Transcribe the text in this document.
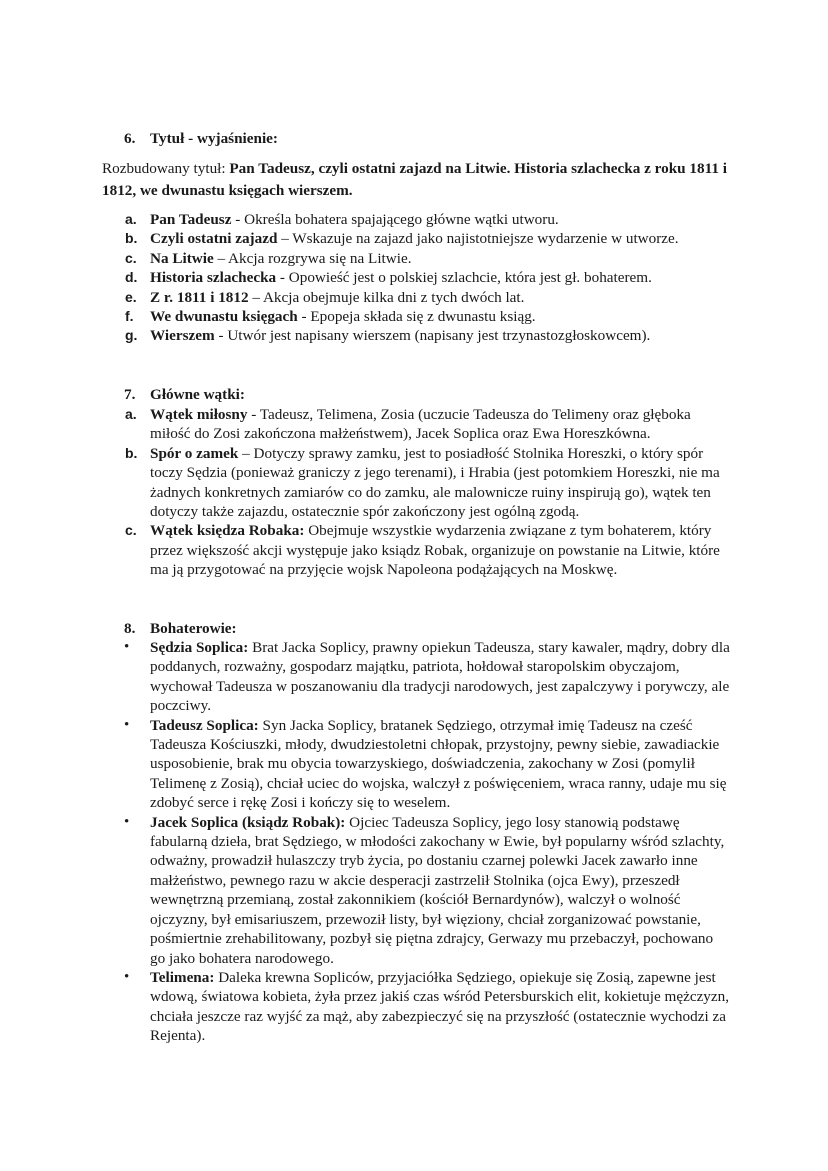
6. Tytuł - wyjaśnienie:
Rozbudowany tytuł: Pan Tadeusz, czyli ostatni zajazd na Litwie. Historia szlachecka z roku 1811 i 1812, we dwunastu księgach wierszem.
a. Pan Tadeusz - Określa bohatera spajającego główne wątki utworu.
b. Czyli ostatni zajazd – Wskazuje na zajazd jako najistotniejsze wydarzenie w utworze.
c. Na Litwie – Akcja rozgrywa się na Litwie.
d. Historia szlachecka - Opowieść jest o polskiej szlachcie, która jest gł. bohaterem.
e. Z r. 1811 i 1812 – Akcja obejmuje kilka dni z tych dwóch lat.
f. We dwunastu księgach - Epopeja składa się z dwunastu ksiąg.
g. Wierszem - Utwór jest napisany wierszem (napisany jest trzynastozgłoskowcem).
7. Główne wątki:
a. Wątek miłosny - Tadeusz, Telimena, Zosia (uczucie Tadeusza do Telimeny oraz głęboka miłość do Zosi zakończona małżeństwem), Jacek Soplica oraz Ewa Horeszkówna.
b. Spór o zamek – Dotyczy sprawy zamku, jest to posiadłość Stolnika Horeszki, o który spór toczy Sędzia (ponieważ graniczy z jego terenami), i Hrabia (jest potomkiem Horeszki, nie ma żadnych konkretnych zamiarów co do zamku, ale malownicze ruiny inspirują go), wątek ten dotyczy także zajazdu, ostatecznie spór zakończony jest ogólną zgodą.
c. Wątek księdza Robaka: Obejmuje wszystkie wydarzenia związane z tym bohaterem, który przez większość akcji występuje jako ksiądz Robak, organizuje on powstanie na Litwie, które ma ją przygotować na przyjęcie wojsk Napoleona podążających na Moskwę.
8. Bohaterowie:
• Sędzia Soplica: Brat Jacka Soplicy, prawny opiekun Tadeusza, stary kawaler, mądry, dobry dla poddanych, rozważny, gospodarz majątku, patriota, hołdował staropolskim obyczajom, wychował Tadeusza w poszanowaniu dla tradycji narodowych, jest zapalczywy i porywczy, ale poczciwy.
• Tadeusz Soplica: Syn Jacka Soplicy, bratanek Sędziego, otrzymał imię Tadeusz na cześć Tadeusza Kościuszki, młody, dwudziestoletni chłopak, przystojny, pewny siebie, zawadiackie usposobienie, brak mu obycia towarzyskiego, doświadczenia, zakochany w Zosi (pomylił Telimenę z Zosią), chciał uciec do wojska, walczył z poświęceniem, wraca ranny, udaje mu się zdobyć serce i rękę Zosi i kończy się to weselem.
• Jacek Soplica (ksiądz Robak): Ojciec Tadeusza Soplicy, jego losy stanowią podstawę fabularną dzieła, brat Sędziego, w młodości zakochany w Ewie, był popularny wśród szlachty, odważny, prowadził hulaszczy tryb życia, po dostaniu czarnej polewki Jacek zawarło inne małżeństwo, pewnego razu w akcie desperacji zastrzelił Stolnika (ojca Ewy), przeszedł wewnętrzną przemianą, został zakonnikiem (kościół Bernardynów), walczył o wolność ojczyzny, był emisariuszem, przewoził listy, był więziony, chciał zorganizować powstanie, pośmiertnie zrehabilitowany, pozbył się piętna zdrajcy, Gerwazy mu przebaczył, pochowano go jako bohatera narodowego.
• Telimena: Daleka krewna Sopliców, przyjaciółka Sędziego, opiekuje się Zosią, zapewne jest wdową, światowa kobieta, żyła przez jakiś czas wśród Petersburskich elit, kokietuje mężczyzn, chciała jeszcze raz wyjść za mąż, aby zabezpieczyć się na przyszłość (ostatecznie wychodzi za Rejenta).
